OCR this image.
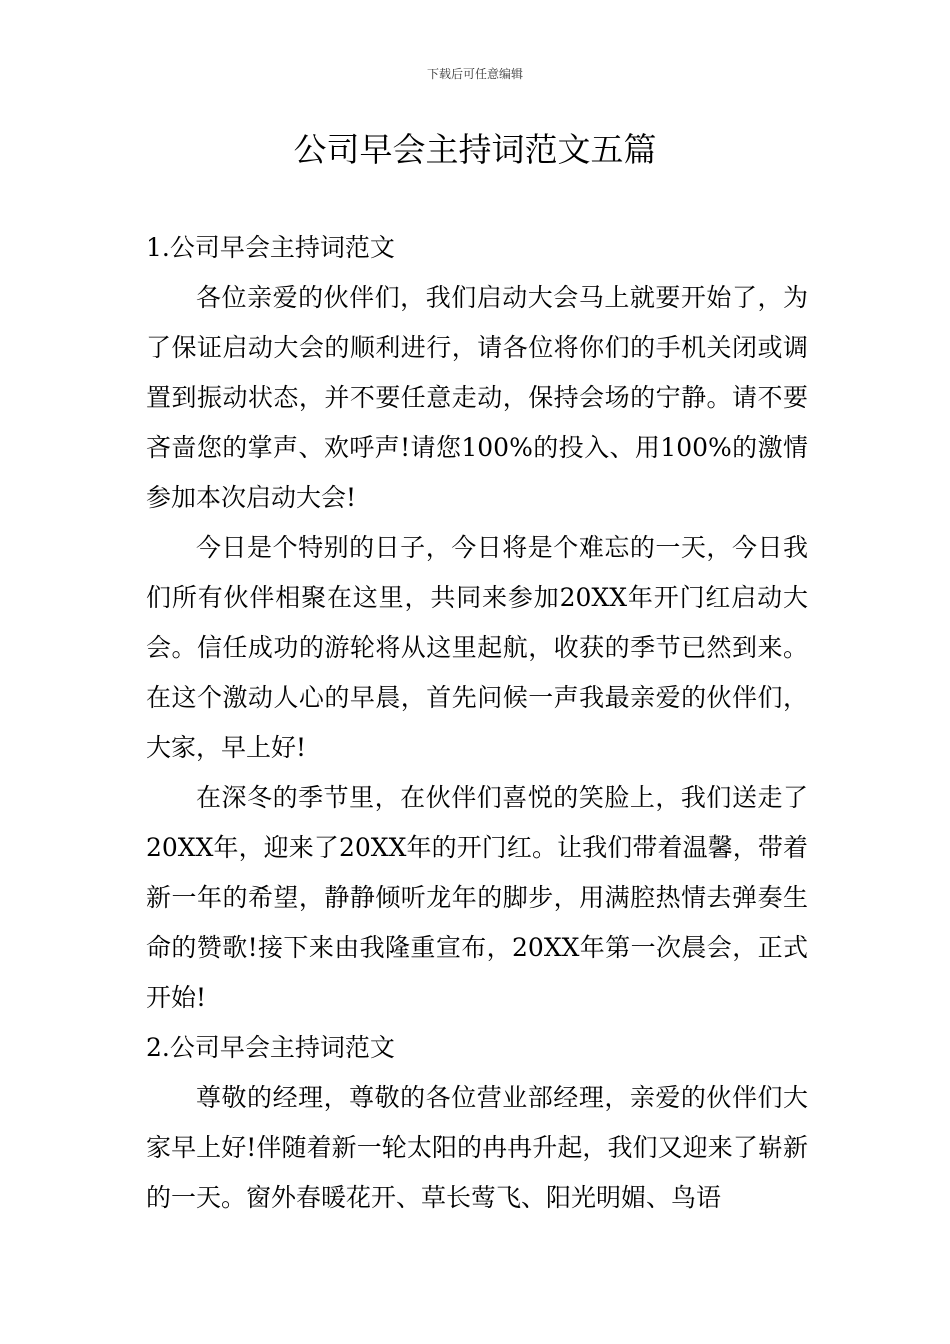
下载后可任意编辑
公司早会主持词范文五篇

1.公司早会主持词范文

各位亲爱的伙伴们，我们启动大会马上就要开始了，为了保证启动大会的顺利进行，请各位将你们的手机关闭或调置到振动状态，并不要任意走动，保持会场的宁静。请不要吝啬您的掌声、欢呼声!请您100%的投入、用100%的激情参加本次启动大会!

今日是个特别的日子，今日将是个难忘的一天，今日我们所有伙伴相聚在这里，共同来参加20XX年开门红启动大会。信任成功的游轮将从这里起航，收获的季节已然到来。在这个激动人心的早晨，首先问候一声我最亲爱的伙伴们，大家，早上好!

在深冬的季节里，在伙伴们喜悦的笑脸上，我们送走了20XX年，迎来了20XX年的开门红。让我们带着温馨，带着新一年的希望，静静倾听龙年的脚步，用满腔热情去弹奏生命的赞歌!接下来由我隆重宣布，20XX年第一次晨会，正式开始!

2.公司早会主持词范文

尊敬的经理，尊敬的各位营业部经理，亲爱的伙伴们大家早上好!伴随着新一轮太阳的冉冉升起，我们又迎来了崭新的一天。窗外春暖花开、草长莺飞、阳光明媚、鸟语
